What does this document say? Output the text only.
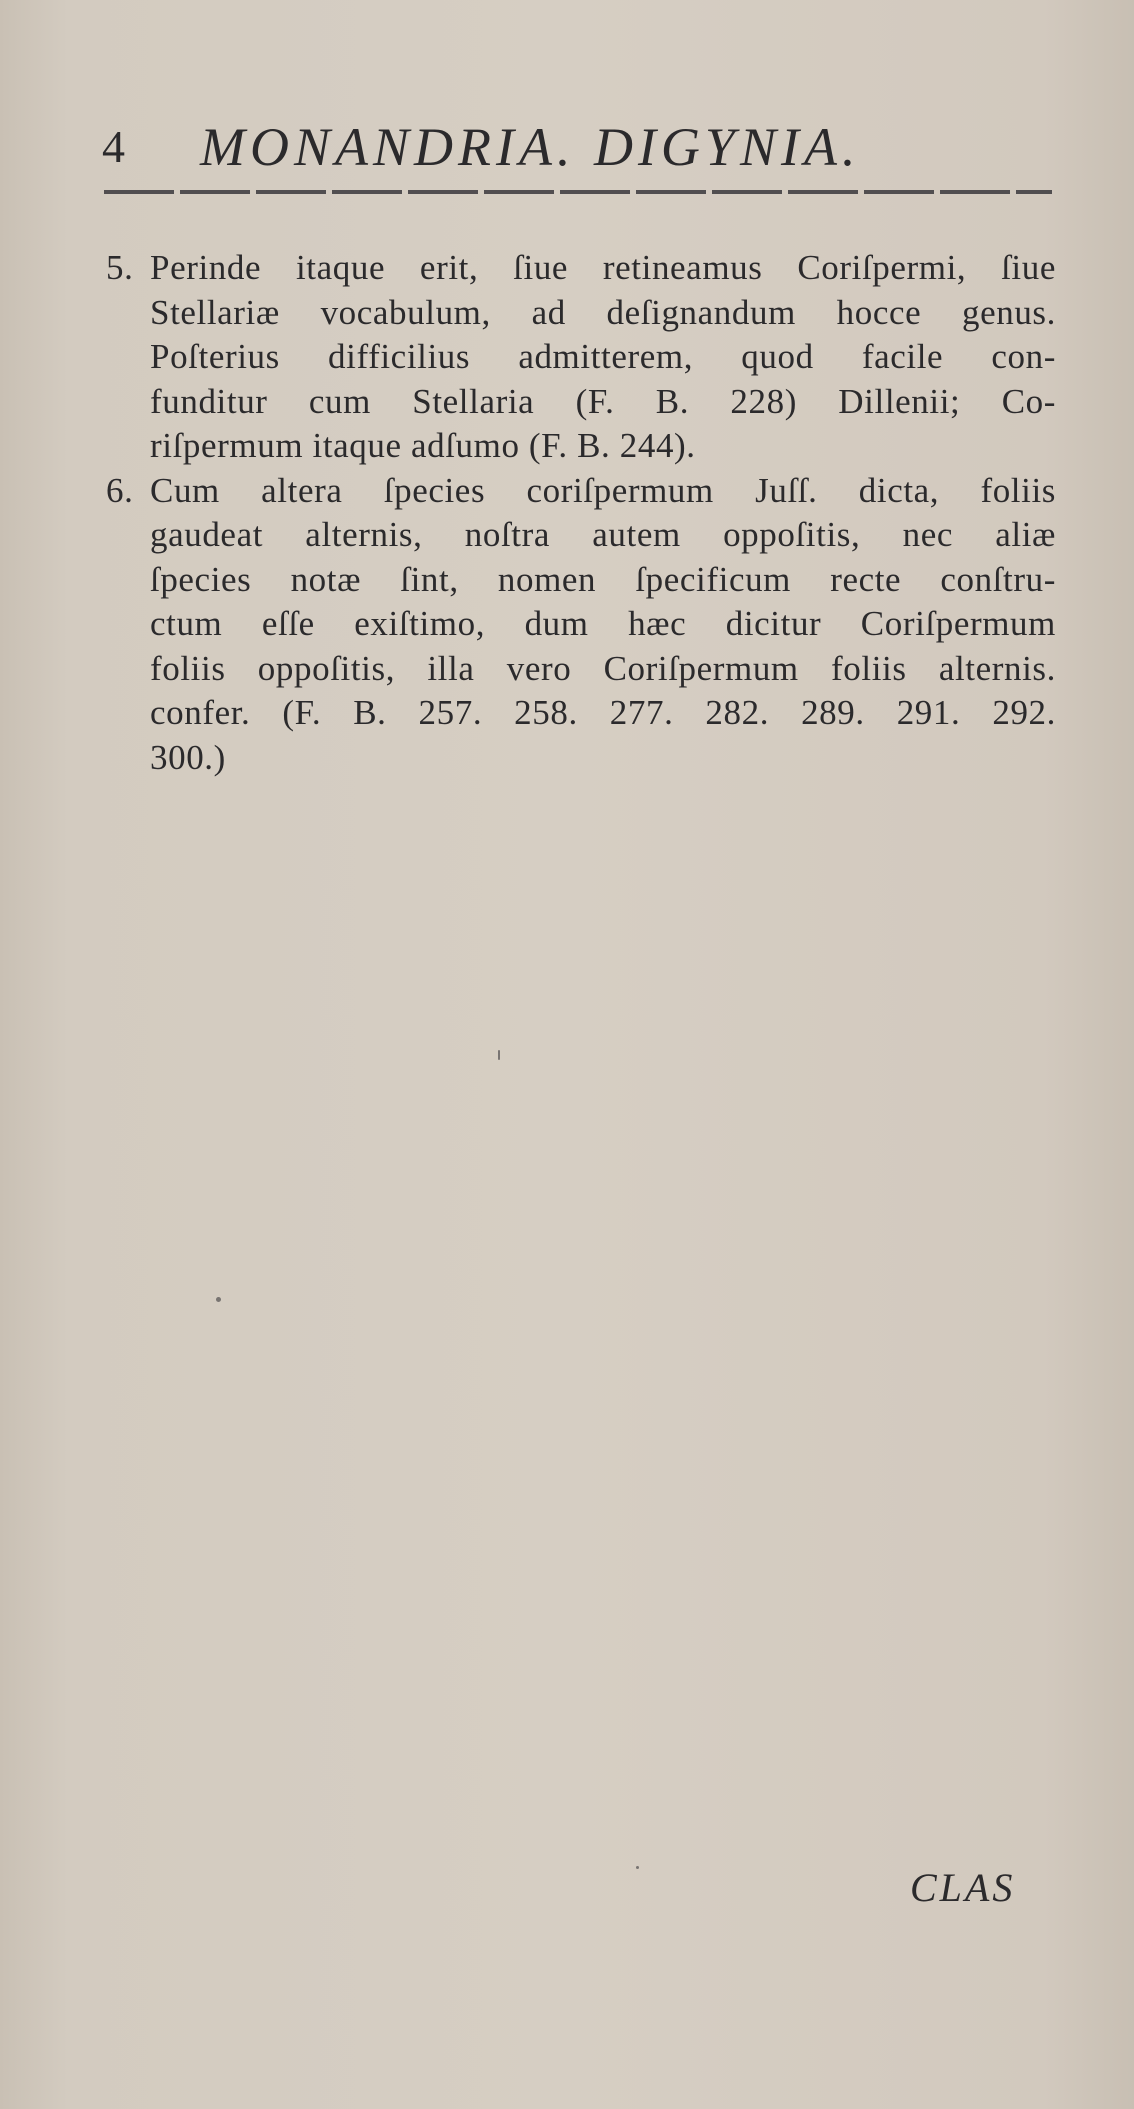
4 MONANDRIA. DIGYNIA.
5. Perinde itaque erit, ſiue retineamus Coriſpermi, ſiue
Stellariæ vocabulum, ad deſignandum hocce genus.
Poſterius difficilius admitterem, quod facile con-
funditur cum Stellaria (F. B. 228) Dillenii; Co-
riſpermum itaque adſumo (F. B. 244).
6. Cum altera ſpecies coriſpermum Juſſ. dicta, foliis
gaudeat alternis, noſtra autem oppoſitis, nec aliæ
ſpecies notæ ſint, nomen ſpecificum recte conſtru-
ctum eſſe exiſtimo, dum hæc dicitur Coriſpermum
foliis oppoſitis, illa vero Coriſpermum foliis alternis.
confer. (F. B. 257. 258. 277. 282. 289. 291. 292.
300.)
CLAS
